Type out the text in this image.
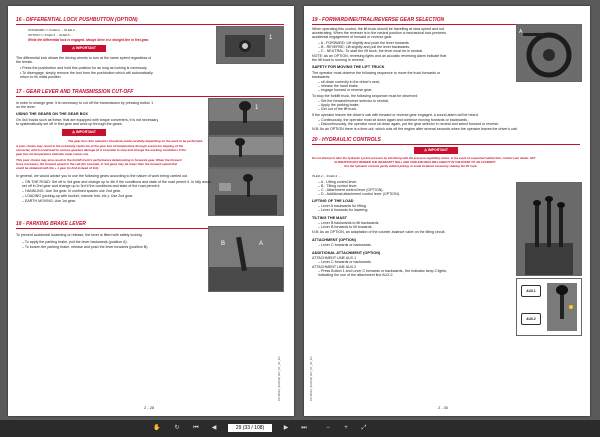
16 - DIFFERENTIAL LOCK PUSHBUTTON (OPTION)
STANDARD => IN.ED.2 ... IN.ED.2...
OPTION => IN.ED.4 ... IN.ED.5 ...	1
⚠ IMPORTANT
While the differential lock is engaged, always drive in a straight line in first gear.
The differential lock allows the driving wheels to turn at the same speed regardless of
the terrain.
• Press the pushbutton and hold this position for as long as locking is necessary.
• To disengage, simply remove the foot from the pushbutton which will automatically
return to its initial position.
17 - GEAR LEVER AND TRANSMISSION CUT-OFF
In order to change gear, it is necessary to cut off the transmission by pressing button 1
on the lever.	1
USING THE GEARS ON THE GEAR BOX
On 4x4 trucks such as these, that are equipped with torque converters, it is not necessary
to systematically set off in first gear and work up through the gears.
⚠ IMPORTANT
The gear box ratio selection should be made carefully depending on the work to be performed.
A poor choice may result in the extremely rapid rise of the gear box oil temperature through excessive slipping of the
converter, which could lead to serious gearbox damage (it is essential to stop and change the working conditions if the
gear box oil temperature indicator lamp comes on).
This poor choice may also result in the forklift truck's performance deteriorating in forwards gear. When the forward
force increases, the forward speed in the cab (for example, in 3rd gear) may be lower than the forward speed that
could be obtained with the + 1 gear (in 2nd instead of 3rd).
In general, we would advise you to use the following gears according to the nature of work being carried out.
– ON THE ROAD: Set off in 3rd gear and change up to 4th if the conditions and state of the road permit it. In hilly areas,
set off in 2nd gear and change up to 3rd if the conditions and state of the road permit it.
– HANDLING: Use 3rd gear. In confined spaces use 2nd gear.
– LOADING (picking-up with bucket, manure fork, etc.): Use 2nd gear.
– EARTH MOVING: Use 1st gear.
18 - PARKING BRAKE LEVER
To prevent accidental loosening or release, the lever is fitted with safety locking.
– To apply the parking brake, pull the lever backwards (position A).
– To loosen the parking brake, release and push the lever forwards (position B).	A
B
647381EN (01/2014) MLT_RT_4S_RU
2 - 28
19 - FORWARD/NEUTRAL/REVERSE GEAR SELECTION
When operating this control, the lift truck should be travelling at slow speed and not
accelerating. When the reverser is in the neutral position a mechanical lock prevents
accidental engagement of forward or reverse gear.
– A - FORWARD: Lift slightly and push the lever forwards.
– B - REVERSE: Lift slightly and pull the lever backwards.
– C - NEUTRAL: To start the lift truck, the lever must be in neutral.
NOTE: As an OPTION, reversing lights and an acoustic reversing alarm indicate that
the lift truck is running in reverse.
A
SAFETY FOR MOVING THE LIFT TRUCK
The operator must observe the following sequence to move the truck forwards or
backwards:
– sit down correctly in the driver's seat,
– release the hand brake,
– engage forward or reverse gear.
To stop the forklift truck, the following sequence must be observed:
– Set the forward/reverse selector to neutral,
– Apply the parking brake,
– Get out of the lift truck.
If the operator leaves the driver's cab with forward or reverse gear engaged, a sound alarm will be heard.
– Continuously, the operator must sit down again and continue moving forwards or backwards,
– Discontinuously, the operator must sit down again, put the gear selector in neutral and select forward or reverse.
N.B: As an OPTION there is a time-out, which cuts off the engine after several seconds when the operator leaves the driver's cab.
20 - HYDRAULIC CONTROLS
⚠ IMPORTANT
Do not attempt to alter the hydraulic system pressure by interfering with the pressure regulating valves. In the event of suspected malfunction, contact your dealer. ANY
ALTERATION MAY RENDER THE WARRANTY NULL AND VOID AND DECLINE LIABILITY IN THE EVENT OF AN ACCIDENT.
Use the hydraulic controls gently without jerking, to avoid incidents caused by shaking the lift truck.
IN.ED.2 ... IN.ED.4 ...
– A - Lifting control lever.
– B - Tilting control lever.
– C - Attachment control lever (OPTION).
– D - Additional attachment control lever (OPTION).
LIFTING OF THE LOAD
– Lever A backwards for lifting.
– Lever A forwards for lowering.
TILTING THE MAST
– Lever B backwards to tilt backwards.
– Lever B forwards to tilt forwards.
N.B: As an OPTION, an adaptation of the counter-balance valve on the tilting circuit.
ATTACHMENT (OPTION)
– Lever C forwards or backwards.
ADDITIONAL ATTACHMENT (OPTION)
ATTACHMENT LINE AUX.1
– Lever C forwards or backwards.
ATTACHMENT LINE AUX.2
– Press Button 1 and Lever C forwards or backwards., the indicator lamp 2 lights,
indicating the use of the attachment line AUX.2.
AUX.1
AUX.2
647381EN (01/2014) MLT_RT_4S_RU
2 - 30
✋	↻	⏮	◀
29 (33 / 108)	▶	⏭	−	+	⤢
